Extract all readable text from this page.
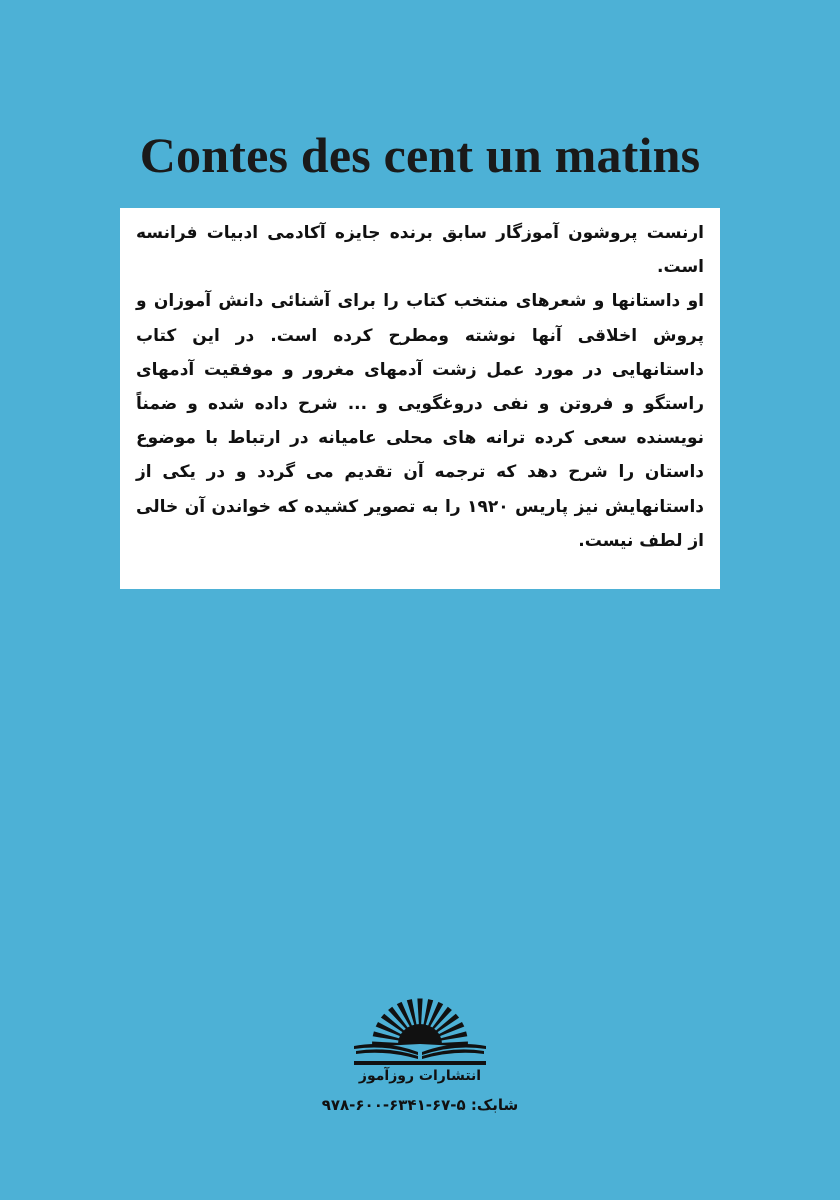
Contes des cent un matins

ارنست پروشون آموزگار سابق برنده جایزه آکادمی ادبیات فرانسه است.

او داستانها و شعرهای منتخب کتاب را برای آشنائی دانش آموزان و پروش اخلاقی آنها نوشته ومطرح کرده است. در این کتاب داستانهایی در مورد عمل زشت آدمهای مغرور و موفقیت آدمهای راستگو و فروتن و نفی دروغگویی و ... شرح داده شده و ضمناً نویسنده سعی کرده ترانه های محلی عامیانه در ارتباط با موضوع داستان را شرح دهد که ترجمه آن تقدیم می گردد و در یکی از داستانهایش نیز پاریس ۱۹۲۰ را به تصویر کشیده که خواندن آن خالی از لطف نیست.

انتشارات روزآموز
شابک: ۵-۶۷-۶۳۴۱-۶۰۰-۹۷۸
